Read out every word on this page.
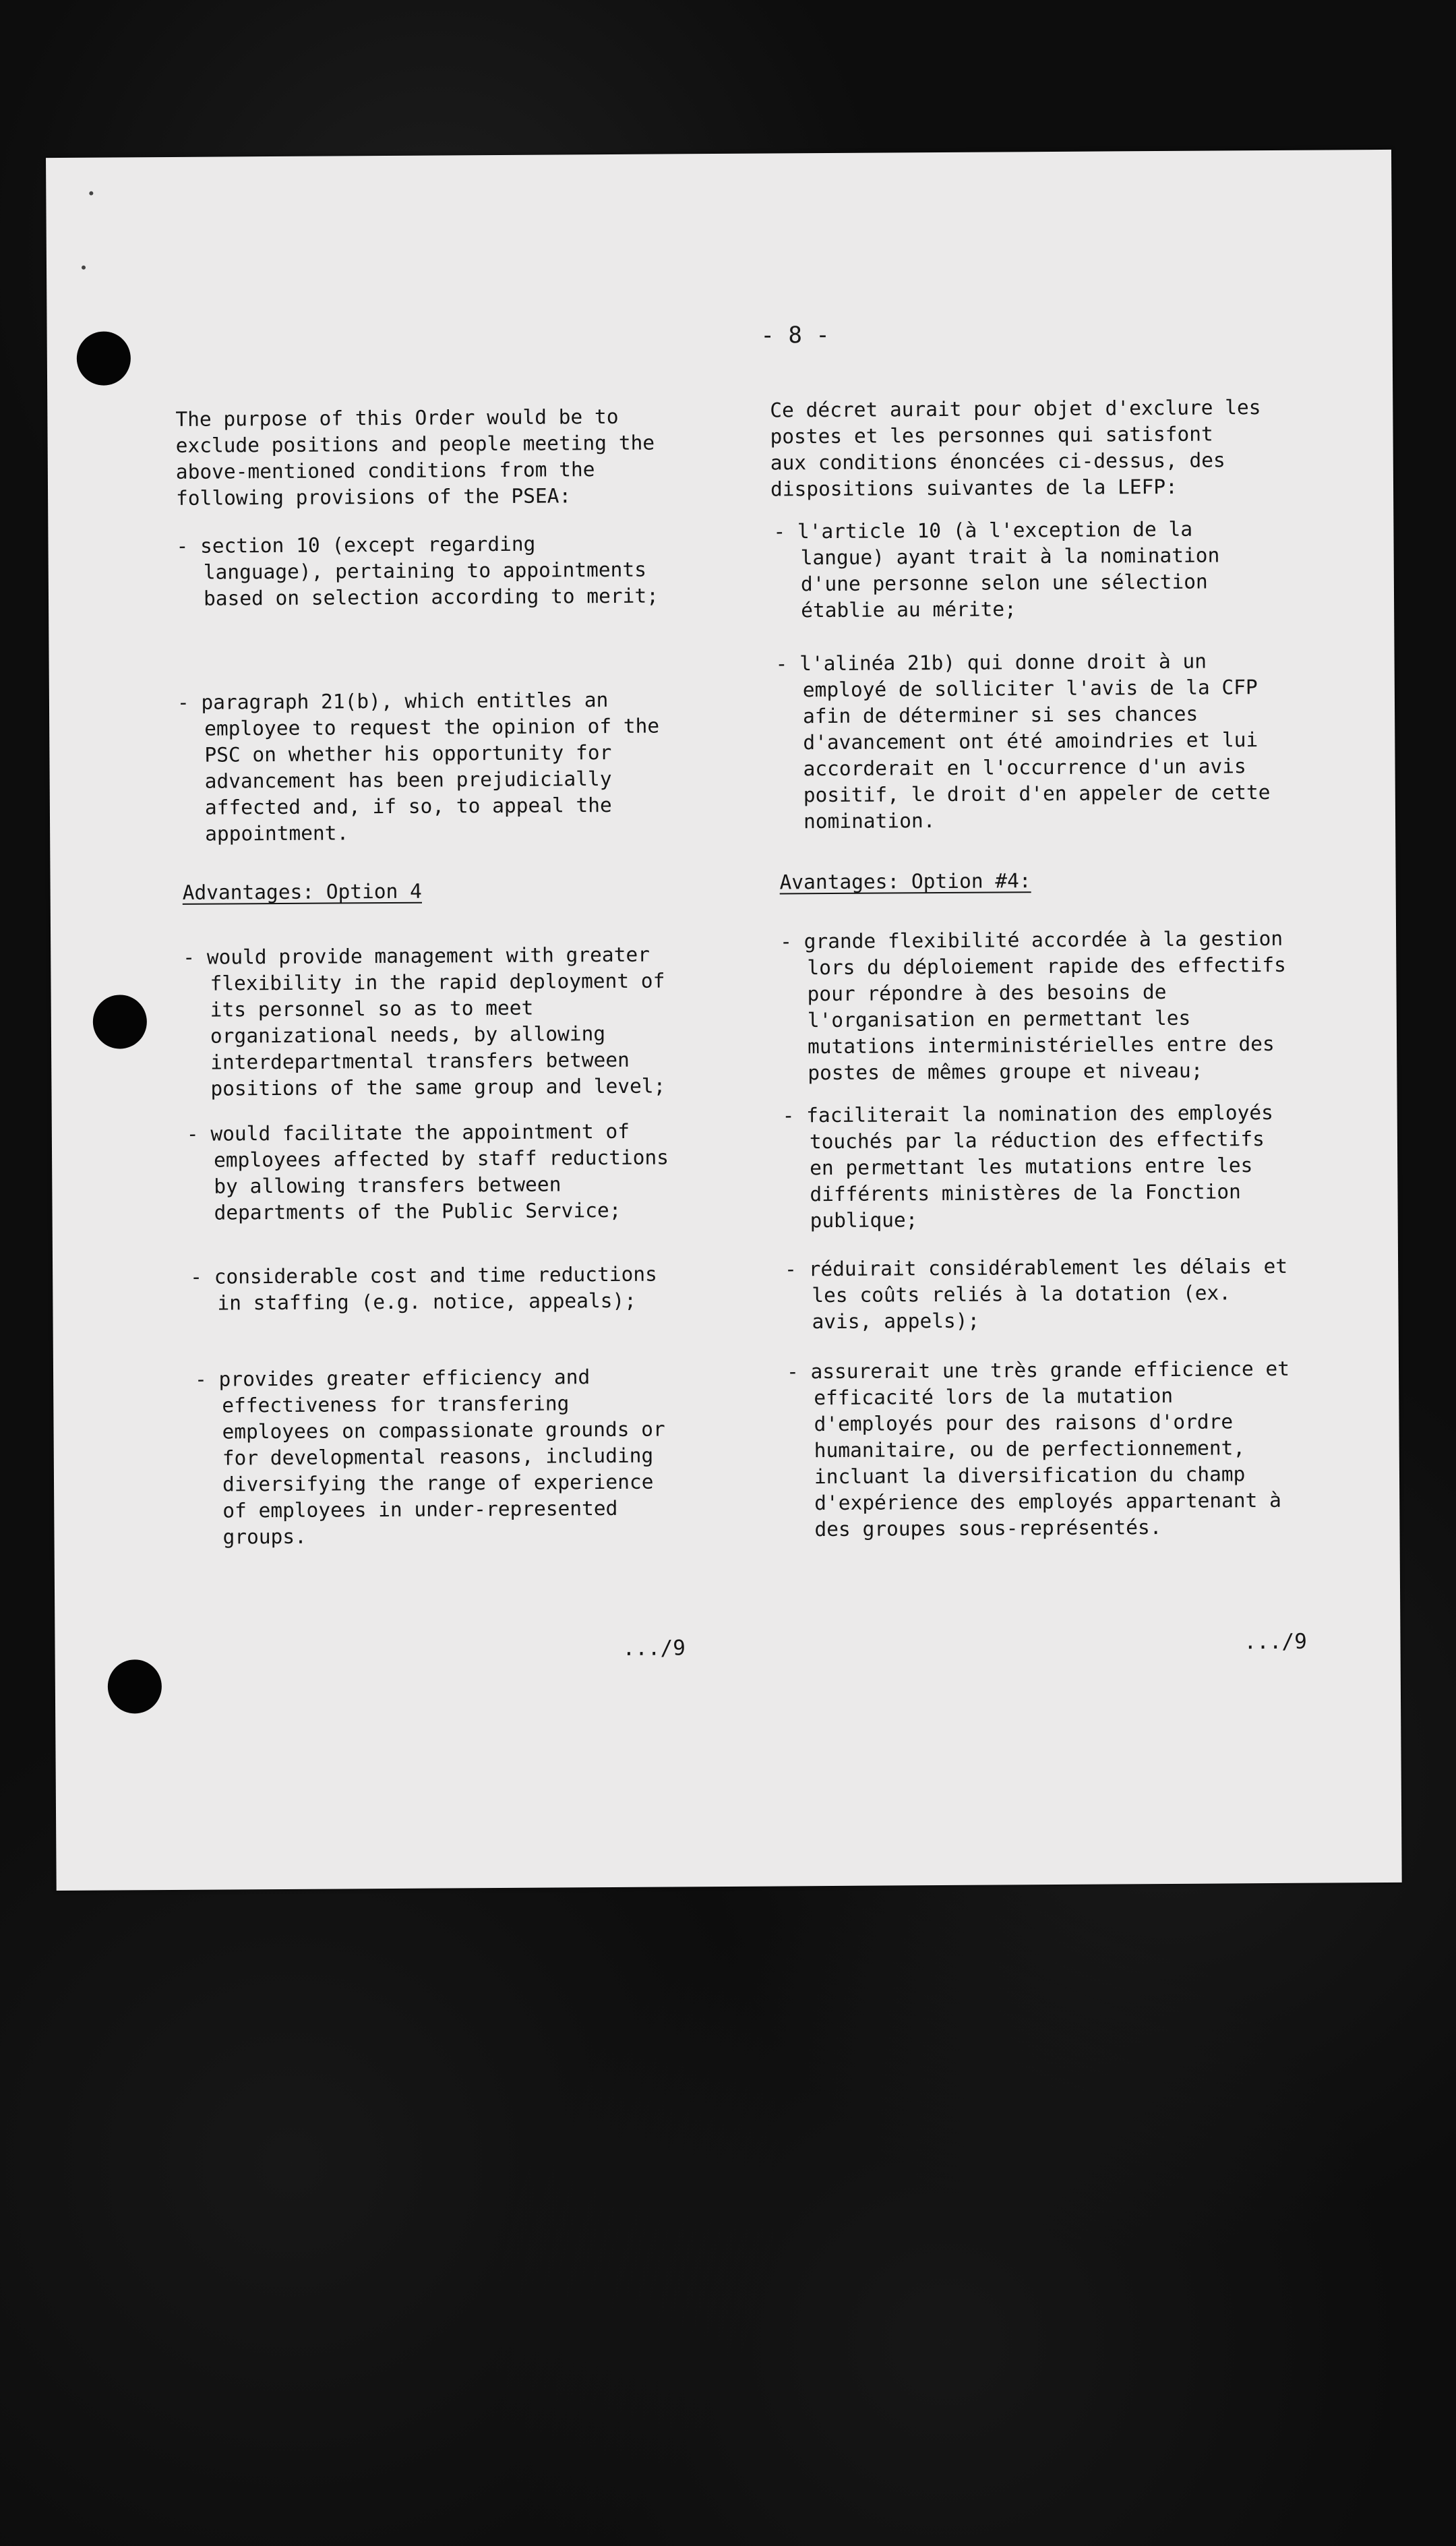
- 8 -

The purpose of this Order would be to
exclude positions and people meeting the
above-mentioned conditions from the
following provisions of the PSEA:

- section 10 (except regarding
language), pertaining to appointments
based on selection according to merit;
- paragraph 21(b), which entitles an
employee to request the opinion of the
PSC on whether his opportunity for
advancement has been prejudicially
affected and, if so, to appeal the
appointment.
Advantages: Option 4
- would provide management with greater
flexibility in the rapid deployment of
its personnel so as to meet
organizational needs, by allowing
interdepartmental transfers between
positions of the same group and level;
- would facilitate the appointment of
employees affected by staff reductions
by allowing transfers between
departments of the Public Service;
- considerable cost and time reductions
in staffing (e.g. notice, appeals);
- provides greater efficiency and
effectiveness for transfering
employees on compassionate grounds or
for developmental reasons, including
diversifying the range of experience
of employees in under-represented
groups.

Ce décret aurait pour objet d'exclure les
postes et les personnes qui satisfont
aux conditions énoncées ci-dessus, des
dispositions suivantes de la LEFP:

- l'article 10 (à l'exception de la
langue) ayant trait à la nomination
d'une personne selon une sélection
établie au mérite;
- l'alinéa 21b) qui donne droit à un
employé de solliciter l'avis de la CFP
afin de déterminer si ses chances
d'avancement ont été amoindries et lui
accorderait en l'occurrence d'un avis
positif, le droit d'en appeler de cette
nomination.
Avantages: Option #4:
- grande flexibilité accordée à la gestion
lors du déploiement rapide des effectifs
pour répondre à des besoins de
l'organisation en permettant les
mutations interministérielles entre des
postes de mêmes groupe et niveau;
- faciliterait la nomination des employés
touchés par la réduction des effectifs
en permettant les mutations entre les
différents ministères de la Fonction
publique;
- réduirait considérablement les délais et
les coûts reliés à la dotation (ex.
avis, appels);
- assurerait une très grande efficience et
efficacité lors de la mutation
d'employés pour des raisons d'ordre
humanitaire, ou de perfectionnement,
incluant la diversification du champ
d'expérience des employés appartenant à
des groupes sous-représentés.
.../9	.../9
